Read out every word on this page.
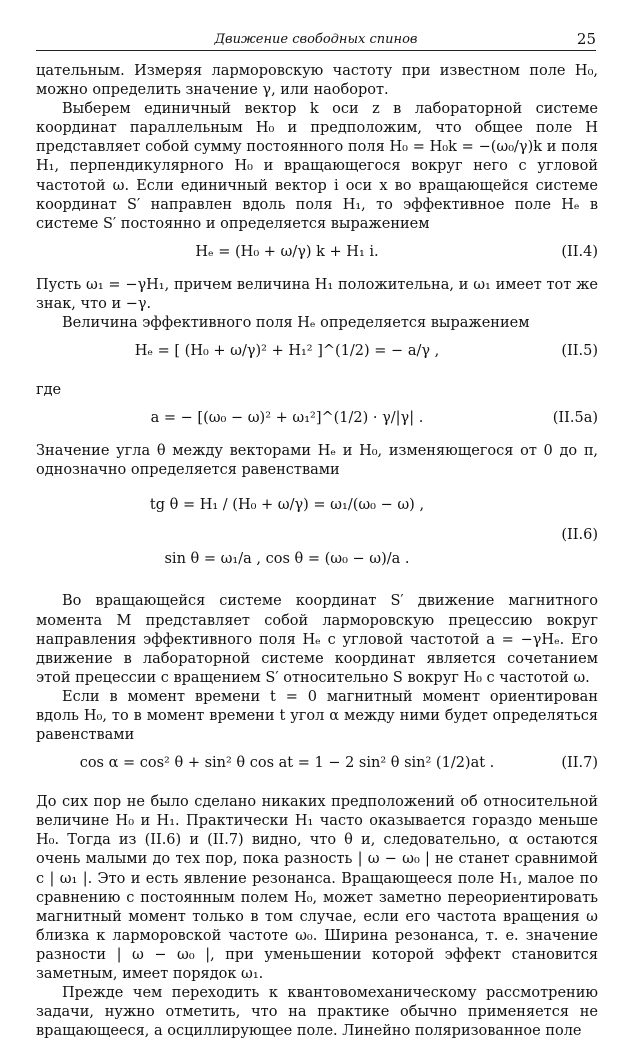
Движение свободных спинов	25

цательным. Измеряя ларморовскую частоту при известном поле H₀, можно определить значение γ, или наоборот.

Выберем единичный вектор k оси z в лабораторной системе координат параллельным H₀ и предположим, что общее поле H представляет собой сумму постоянного поля H₀ = H₀k = −(ω₀/γ)k и поля H₁, перпендикулярного H₀ и вращающегося вокруг него с угловой частотой ω. Если единичный вектор i оси x во вращающейся системе координат S′ направлен вдоль поля H₁, то эффективное поле Hₑ в системе S′ постоянно и определяется выражением

Hₑ = (H₀ + ω/γ) k + H₁ i.	(II.4)

Пусть ω₁ = −γH₁, причем величина H₁ положительна, и ω₁ имеет тот же знак, что и −γ.

Величина эффективного поля Hₑ определяется выражением

Hₑ = [ (H₀ + ω/γ)² + H₁² ]^(1/2) = − a/γ ,	(II.5)

где

a = − [(ω₀ − ω)² + ω₁²]^(1/2) · γ/|γ| .	(II.5a)

Значение угла θ между векторами Hₑ и H₀, изменяющегося от 0 до π, однозначно определяется равенствами

tg θ = H₁ / (H₀ + ω/γ) = ω₁/(ω₀ − ω) ,
sin θ = ω₁/a , cos θ = (ω₀ − ω)/a .
(II.6)

Во вращающейся системе координат S′ движение магнитного момента M представляет собой ларморовскую прецессию вокруг направления эффективного поля Hₑ с угловой частотой a = −γHₑ. Его движение в лабораторной системе координат является сочетанием этой прецессии с вращением S′ относительно S вокруг H₀ с частотой ω.

Если в момент времени t = 0 магнитный момент ориентирован вдоль H₀, то в момент времени t угол α между ними будет определяться равенствами

cos α = cos² θ + sin² θ cos at = 1 − 2 sin² θ sin² (1/2)at .	(II.7)

До сих пор не было сделано никаких предположений об относительной величине H₀ и H₁. Практически H₁ часто оказывается гораздо меньше H₀. Тогда из (II.6) и (II.7) видно, что θ и, следовательно, α остаются очень малыми до тех пор, пока разность | ω − ω₀ | не станет сравнимой с | ω₁ |. Это и есть явление резонанса. Вращающееся поле H₁, малое по сравнению с постоянным полем H₀, может заметно переориентировать магнитный момент только в том случае, если его частота вращения ω близка к ларморовской частоте ω₀. Ширина резонанса, т. е. значение разности | ω − ω₀ |, при уменьшении которой эффект становится заметным, имеет порядок ω₁.

Прежде чем переходить к квантовомеханическому рассмотрению задачи, нужно отметить, что на практике обычно применяется не вращающееся, а осциллирующее поле. Линейно поляризованное поле
